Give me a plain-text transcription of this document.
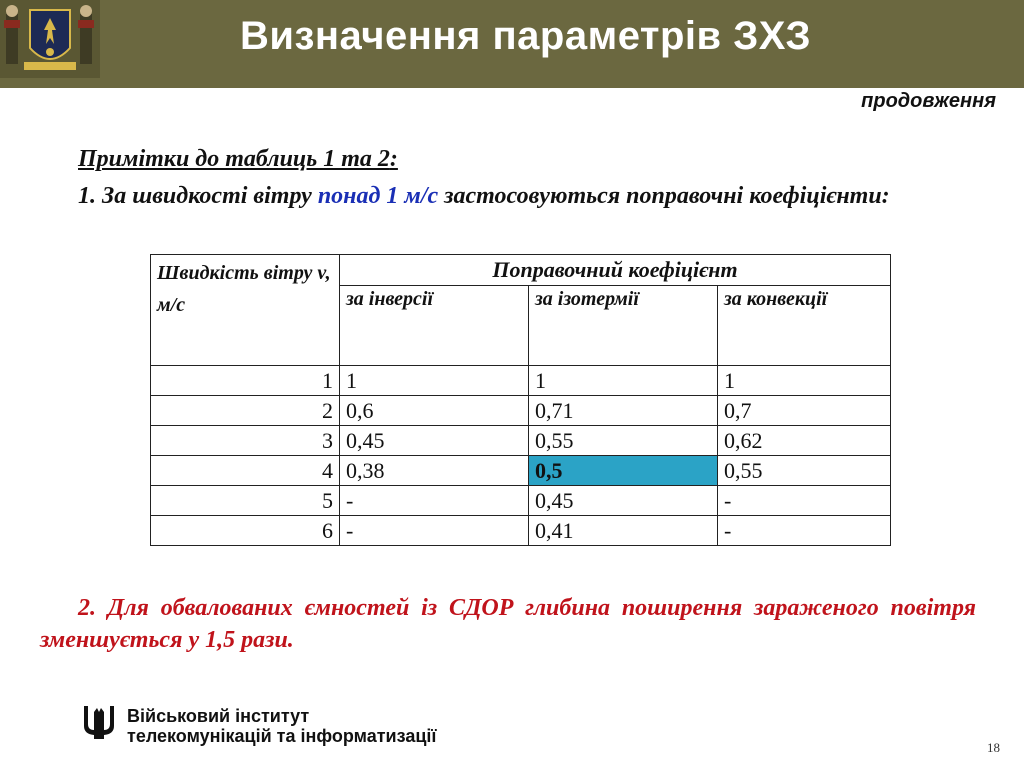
Визначення параметрів ЗХЗ
продовження
Примітки до таблиць 1 та 2:
1. За швидкості вітру понад 1 м/с застосовуються поправочні коефіцієнти:
Швидкість вітру v, м/с	Поправочний коефіцієнт		
	за інверсії	за ізотермії	за конвекції
1	1	1	1
2	0,6	0,71	0,7
3	0,45	0,55	0,62
4	0,38	0,5	0,55
5	-	0,45	-
6	-	0,41	-
2. Для обвалованих ємностей із СДОР глибина поширення зараженого повітря зменшується у 1,5 рази.
Військовий інститут
телекомунікацій та інформатизації
18
